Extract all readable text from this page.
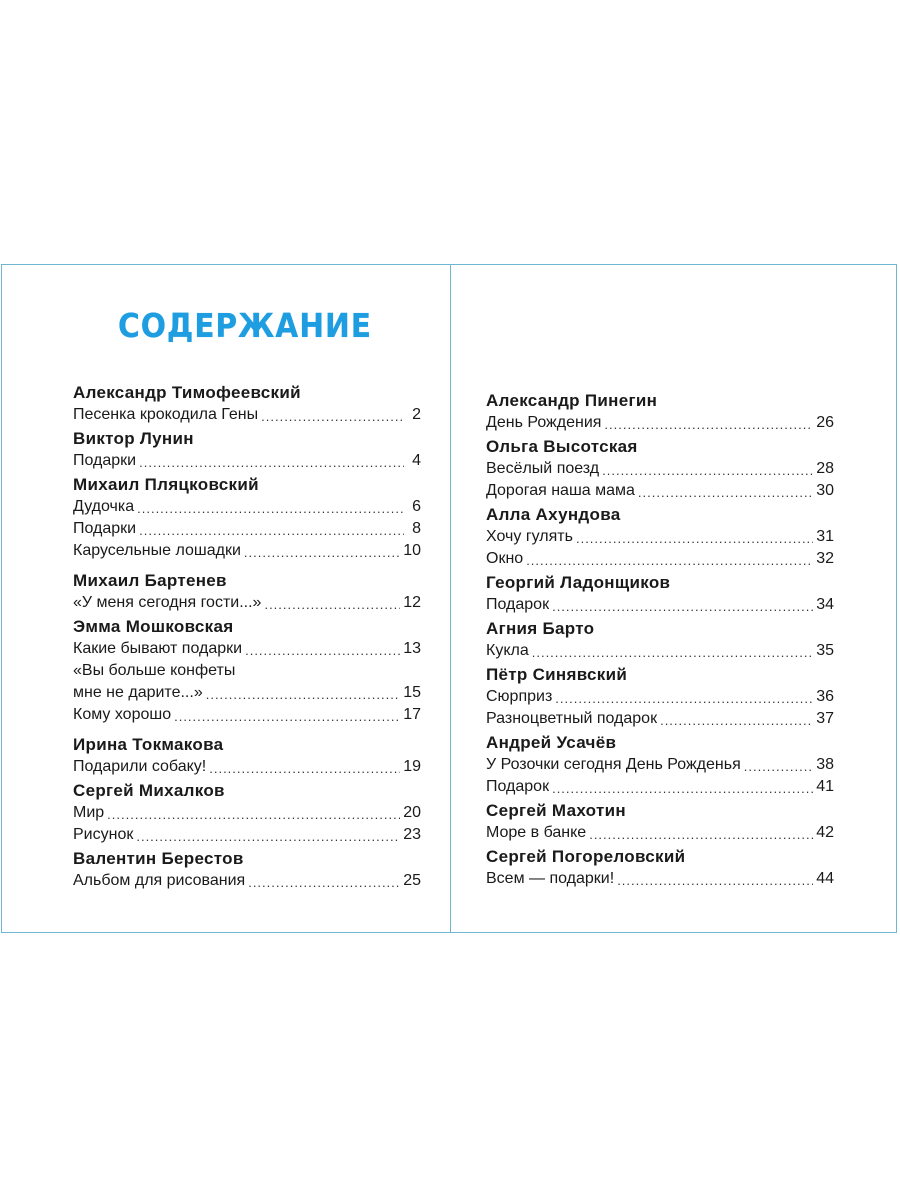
СОДЕРЖАНИЕ
Александр Тимофеевский
Песенка крокодила Гены .....	2
Виктор Лунин
Подарки .....	4
Михаил Пляцковский
Дудочка .....	6
Подарки .....	8
Карусельные лошадки .....	10
Михаил Бартенев
«У меня сегодня гости...» .....	12
Эмма Мошковская
Какие бывают подарки .....	13
«Вы больше конфеты
мне не дарите...» .....	15
Кому хорошо .....	17
Ирина Токмакова
Подарили собаку! .....	19
Сергей Михалков
Мир .....	20
Рисунок .....	23
Валентин Берестов
Альбом для рисования .....	25
Александр Пинегин
День Рождения .....	26
Ольга Высотская
Весёлый поезд .....	28
Дорогая наша мама .....	30
Алла Ахундова
Хочу гулять .....	31
Окно .....	32
Георгий Ладонщиков
Подарок .....	34
Агния Барто
Кукла .....	35
Пётр Синявский
Сюрприз .....	36
Разноцветный подарок .....	37
Андрей Усачёв
У Розочки сегодня День Рожденья .....	38
Подарок .....	41
Сергей Махотин
Море в банке .....	42
Сергей Погореловский
Всем — подарки! .....	44
